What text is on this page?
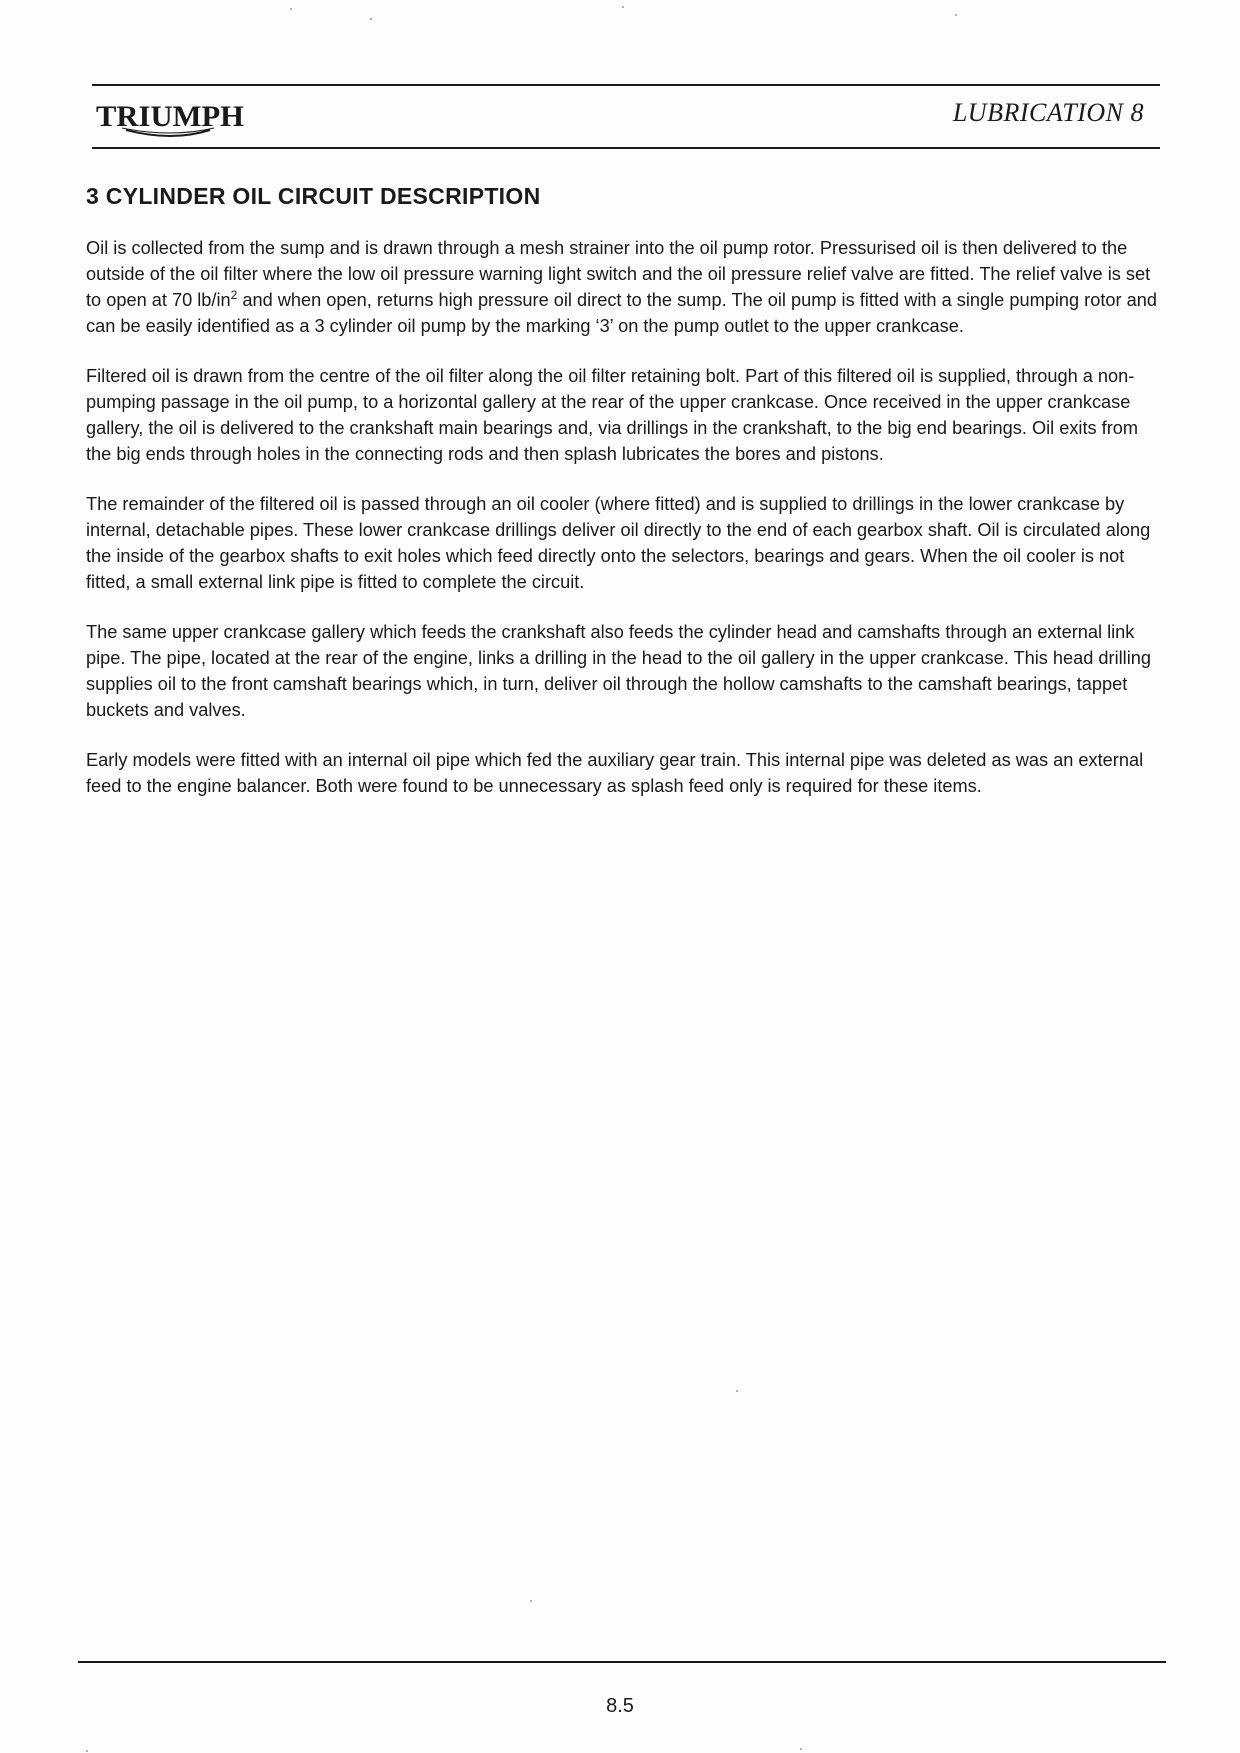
TRIUMPH	LUBRICATION 8
3 CYLINDER OIL CIRCUIT DESCRIPTION

Oil is collected from the sump and is drawn through a mesh strainer into the oil pump rotor. Pressurised oil is then delivered to the outside of the oil filter where the low oil pressure warning light switch and the oil pressure relief valve are fitted. The relief valve is set to open at 70 $lb/in^2$ and when open, returns high pressure oil direct to the sump. The oil pump is fitted with a single pumping rotor and can be easily identified as a 3 cylinder oil pump by the marking ‘3’ on the pump outlet to the upper crankcase.

Filtered oil is drawn from the centre of the oil filter along the oil filter retaining bolt. Part of this filtered oil is supplied, through a non-pumping passage in the oil pump, to a horizontal gallery at the rear of the upper crankcase. Once received in the upper crankcase gallery, the oil is delivered to the crankshaft main bearings and, via drillings in the crankshaft, to the big end bearings. Oil exits from the big ends through holes in the connecting rods and then splash lubricates the bores and pistons.

The remainder of the filtered oil is passed through an oil cooler (where fitted) and is supplied to drillings in the lower crankcase by internal, detachable pipes. These lower crankcase drillings deliver oil directly to the end of each gearbox shaft. Oil is circulated along the inside of the gearbox shafts to exit holes which feed directly onto the selectors, bearings and gears. When the oil cooler is not fitted, a small external link pipe is fitted to complete the circuit.

The same upper crankcase gallery which feeds the crankshaft also feeds the cylinder head and camshafts through an external link pipe. The pipe, located at the rear of the engine, links a drilling in the head to the oil gallery in the upper crankcase. This head drilling supplies oil to the front camshaft bearings which, in turn, deliver oil through the hollow camshafts to the camshaft bearings, tappet buckets and valves.

Early models were fitted with an internal oil pipe which fed the auxiliary gear train. This internal pipe was deleted as was an external feed to the engine balancer. Both were found to be unnecessary as splash feed only is required for these items.

8.5
